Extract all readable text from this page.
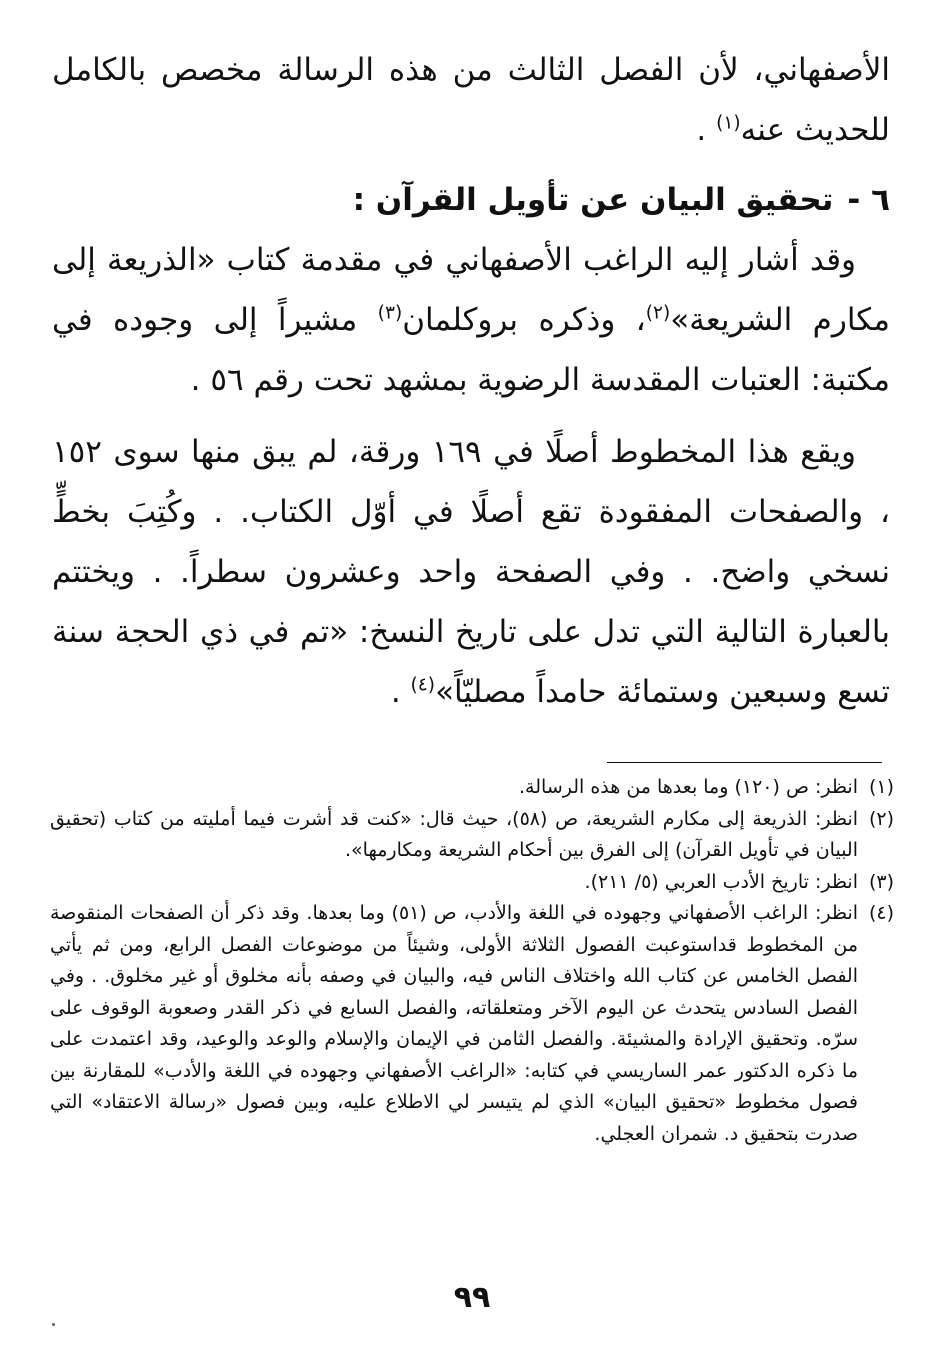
الأصفهاني، لأن الفصل الثالث من هذه الرسالة مخصص بالكامل للحديث عنه$^{(١)}$ .

٦ -تحقيق البيان عن تأويل القرآن :

وقد أشار إليه الراغب الأصفهاني في مقدمة كتاب «الذريعة إلى مكارم الشريعة»$^{(٢)}$، وذكره بروكلمان$^{(٣)}$ مشيراً إلى وجوده في مكتبة: العتبات المقدسة الرضوية بمشهد تحت رقم ٥٦ .

ويقع هذا المخطوط أصلًا في ١٦٩ ورقة، لم يبق منها سوى ١٥٢ ، والصفحات المفقودة تقع أصلًا في أوّل الكتاب. . وكُتِبَ بخطٍّ نسخي واضح. . وفي الصفحة واحد وعشرون سطراً. . ويختتم بالعبارة التالية التي تدل على تاريخ النسخ: «تم في ذي الحجة سنة تسع وسبعين وستمائة حامداً مصليّاً»$^{(٤)}$ .

(١)
انظر: ص (١٢٠) وما بعدها من هذه الرسالة.
(٢)
انظر: الذريعة إلى مكارم الشريعة، ص (٥٨)، حيث قال: «كنت قد أشرت فيما أمليته من كتاب (تحقيق البيان في تأويل القرآن) إلى الفرق بين أحكام الشريعة ومكارمها».
(٣)
انظر: تاريخ الأدب العربي (٥/ ٢١١).
(٤)
انظر: الراغب الأصفهاني وجهوده في اللغة والأدب، ص (٥١) وما بعدها. وقد ذكر أن الصفحات المنقوصة من المخطوط قداستوعبت الفصول الثلاثة الأولى، وشيئاً من موضوعات الفصل الرابع، ومن ثم يأتي الفصل الخامس عن كتاب الله واختلاف الناس فيه، والبيان في وصفه بأنه مخلوق أو غير مخلوق. . وفي الفصل السادس يتحدث عن اليوم الآخر ومتعلقاته، والفصل السابع في ذكر القدر وصعوبة الوقوف على سرّه. وتحقيق الإرادة والمشيئة. والفصل الثامن في الإيمان والإسلام والوعد والوعيد، وقد اعتمدت على ما ذكره الدكتور عمر الساريسي في كتابه: «الراغب الأصفهاني وجهوده في اللغة والأدب» للمقارنة بين فصول مخطوط «تحقيق البيان» الذي لم يتيسر لي الاطلاع عليه، وبين فصول «رسالة الاعتقاد» التي صدرت بتحقيق د. شمران العجلي.
٩٩
